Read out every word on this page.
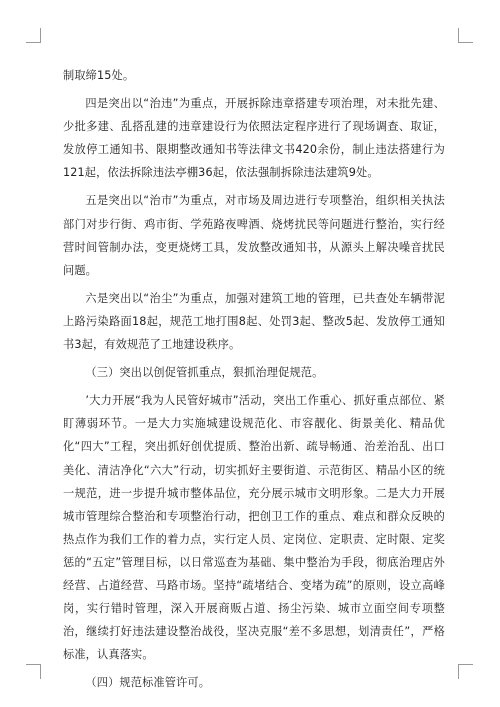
制取缔15处。

四是突出以“治违”为重点，开展拆除违章搭建专项治理，对未批先建、少批多建、乱搭乱建的违章建设行为依照法定程序进行了现场调查、取证，发放停工通知书、限期整改通知书等法律文书420余份，制止违法搭建行为121起，依法拆除违法亭棚36起，依法强制拆除违法建筑9处。

五是突出以“治市”为重点，对市场及周边进行专项整治，组织相关执法部门对步行街、鸡市街、学苑路夜啤酒、烧烤扰民等问题进行整治，实行经营时间管制办法，变更烧烤工具，发放整改通知书，从源头上解决噪音扰民问题。

六是突出以“治尘”为重点，加强对建筑工地的管理，已共查处车辆带泥上路污染路面18起，规范工地打围8起、处罚3起、整改5起、发放停工通知书3起，有效规范了工地建设秩序。

（三）突出以创促管抓重点，狠抓治理促规范。

’大力开展“我为人民管好城市”活动，突出工作重心、抓好重点部位、紧盯薄弱环节。一是大力实施城建设规范化、市容靓化、街景美化、精品优化“四大”工程，突出抓好创优提质、整治出新、疏导畅通、治差治乱、出口美化、清洁净化“六大”行动，切实抓好主要街道、示范街区、精品小区的统一规范，进一步提升城市整体品位，充分展示城市文明形象。二是大力开展城市管理综合整治和专项整治行动，把创卫工作的重点、难点和群众反映的热点作为我们工作的着力点，实行定人员、定岗位、定职责、定时限、定奖惩的“五定”管理目标，以日常巡查为基础、集中整治为手段，彻底治理店外经营、占道经营、马路市场。坚持“疏堵结合、变堵为疏”的原则，设立高峰岗，实行错时管理，深入开展商贩占道、扬尘污染、城市立面空间专项整治，继续打好违法建设整治战役，坚决克服“差不多思想，划清责任”，严格标准，认真落实。

（四）规范标准管许可。
